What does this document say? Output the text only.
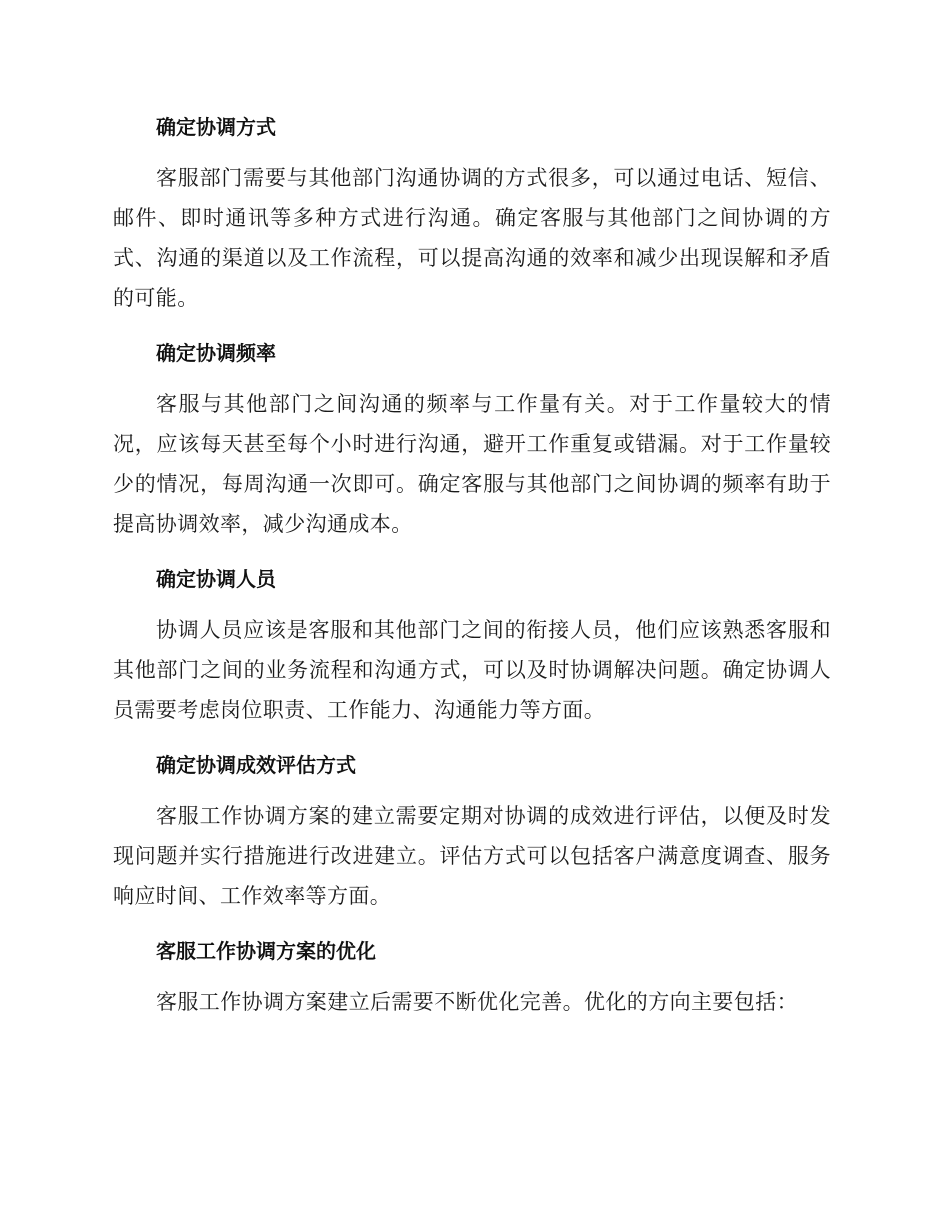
确定协调方式
客服部门需要与其他部门沟通协调的方式很多，可以通过电话、短信、邮件、即时通讯等多种方式进行沟通。确定客服与其他部门之间协调的方式、沟通的渠道以及工作流程，可以提高沟通的效率和减少出现误解和矛盾的可能。
确定协调频率
客服与其他部门之间沟通的频率与工作量有关。对于工作量较大的情况，应该每天甚至每个小时进行沟通，避开工作重复或错漏。对于工作量较少的情况，每周沟通一次即可。确定客服与其他部门之间协调的频率有助于提高协调效率，减少沟通成本。
确定协调人员
协调人员应该是客服和其他部门之间的衔接人员，他们应该熟悉客服和其他部门之间的业务流程和沟通方式，可以及时协调解决问题。确定协调人员需要考虑岗位职责、工作能力、沟通能力等方面。
确定协调成效评估方式
客服工作协调方案的建立需要定期对协调的成效进行评估，以便及时发现问题并实行措施进行改进建立。评估方式可以包括客户满意度调查、服务响应时间、工作效率等方面。
客服工作协调方案的优化
客服工作协调方案建立后需要不断优化完善。优化的方向主要包括：
